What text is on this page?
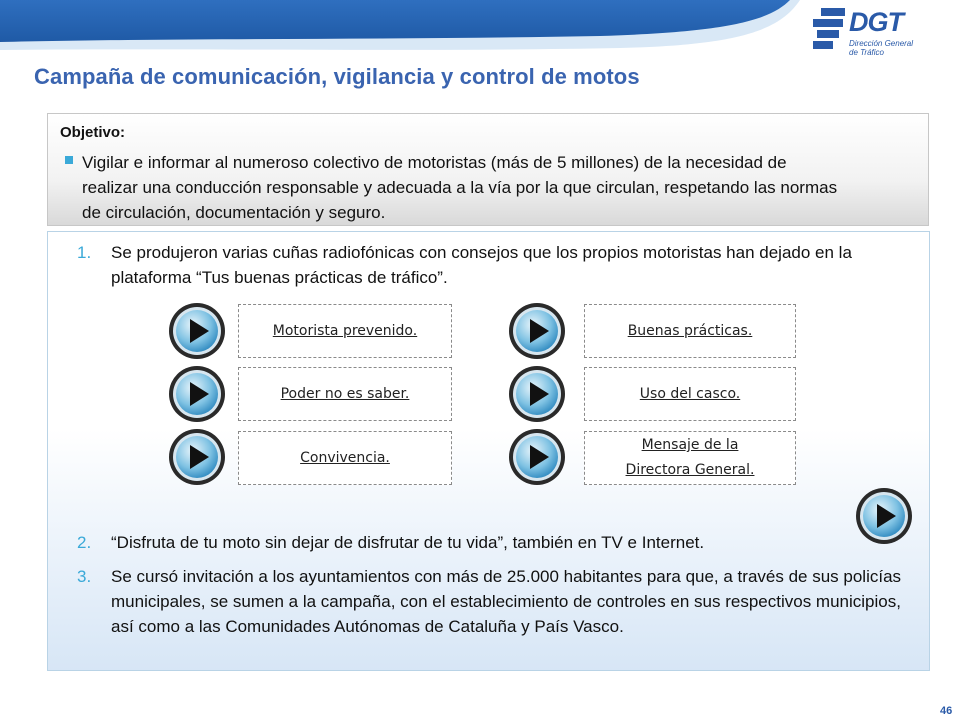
DGT
Dirección General
de Tráfico
Campaña de comunicación, vigilancia y control de motos
Objetivo:
Vigilar e informar al numeroso colectivo de motoristas (más de 5 millones) de la necesidad de realizar una conducción responsable y adecuada a la vía por la que circulan, respetando las normas de circulación, documentación y seguro.
1. Se produjeron varias cuñas radiofónicas con consejos que los propios motoristas han dejado en la plataforma “Tus buenas prácticas de tráfico”.
Motorista prevenido.
Poder no es saber.
Convivencia.
Buenas prácticas.
Uso del casco.
Mensaje de la Directora General.
2. “Disfruta de tu moto sin dejar de disfrutar de tu vida”, también en TV e Internet.
3. Se cursó invitación a los ayuntamientos con más de 25.000 habitantes para que, a través de sus policías municipales, se sumen a la campaña, con el establecimiento de controles en sus respectivos municipios, así como a las Comunidades Autónomas de Cataluña y País Vasco.
46
